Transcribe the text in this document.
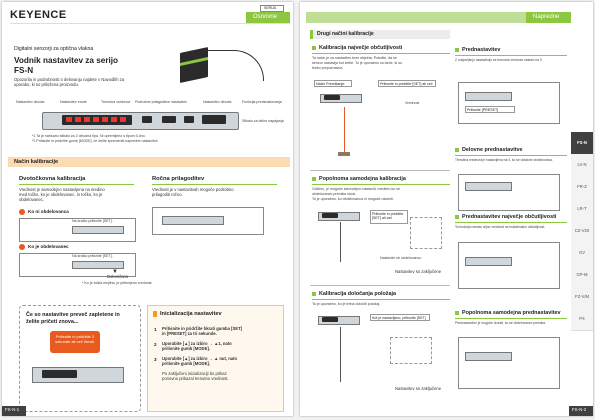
KEYENCE
SERIJA
Osnovne
Digitalni senzorji za optična vlakna
Vodnik nastavitev za serijo
FS-N
Opozorila in podrobnosti o delovanju najdete v Navodilih za
uporabo, ki so priložena proizvodu.
Nastavitev izhoda	Nastavitev enote	Trenutna vrednost Podrobne prilagoditve nastavitev	Nastavitev izhoda	Funkcija predznakovanja
Stikalo za izbiro napajanja
*1 Ta je narisano stikalo za 2 izhodna tipa. Ni opremljeno s tipom 0-lino.
*2 Pritisnite in pridržite gumb [MODE], če želite spremeniti napredne nastavitve.
Način kalibracije
Dvotočkovna kalibracija
Vrednost je samodejno nastavljena na sredino
med točko, ko je obdelovanec, in točko, ko je
obdelovanec.
Ko ni obdelovanca
Na kratko pritisnite [SET].
Ko je obdelovanec
Na kratko pritisnite [SET].
▼
Dokončano
* Ko je točka mejilna, je pritisnjeno vrednost.
Ročna prilagoditev
Vrednost je v nastavitvah mogoče podrobno
prilagoditi ročno.
Če so nastavitve preveč zapletene in
želite pričeti znova...
Pritisnite in pridržite 3 sekunde ali več hkrati.
Inicializacija nastavitev
1 Pritisnite in pridržite hkrati gumba [SET]
in [PRESET] za tri sekunde.
2 Uporabite [▲] za izbiro → ▲1, nato
pritisnite gumb [MODE].
3 Uporabite [▲] za izbiro → ▲ nut, nato
pritisnite gumb [MODE].
Po zaključeni inicializaciji bo prikaz
ponovno prikazal trenutno vrednost.
FS-N-1
Napredne
Drugi načini kalibracije
Kalibracija največje občutljivosti
Ta način je za nastavitev brez objekta. Potrdite, da se
senzor nastavlja kot želite. To je uporabno za tarče, ki so
težko prepoznavne.
Način Premikanje:	Pritisnite in pridržite [SET] ali več
Vrednost
Popolnoma samodejna kalibracija
Odlično, je mogoče samodejno nastaviti, medtem ko se
obdelovanec premika skozi.
To je uporabno, ko obdelovanca ni mogoče ustaviti.
Pritisnite in pridržite [SET] ali več
Nastavite ob obdelovancu
Nastavitev so zaključene
Kalibracija določanja položaja
Ta je uporabno, ko je treba določiti položaj.
Kot je nastavljeno, pritisnite [SET]
Nastavitev so zaključene
Prednastavitev
Z vnaprejšnjo nastavitvijo se trenutna vrednost nastavi na 0.
Pritisnite [PRESET]
Delovne prednastavitve
Trenutna vrednost je nastavljena na 0, ko se dotakne obdelovanca.
Prednastavitev največje občutljivosti
Ta funkcija nastavi ciljno vrednost na maksimalno občutljivost.
Popolnoma samodejna prednastavitev
Prednastavitev je mogoče izvesti, ko se obdelovanec premika.
FS-N
LV-N
FR-Z
LR-T
CZ-V20
GV
GP-M
FZ-V/M
PX
FS-N-2
